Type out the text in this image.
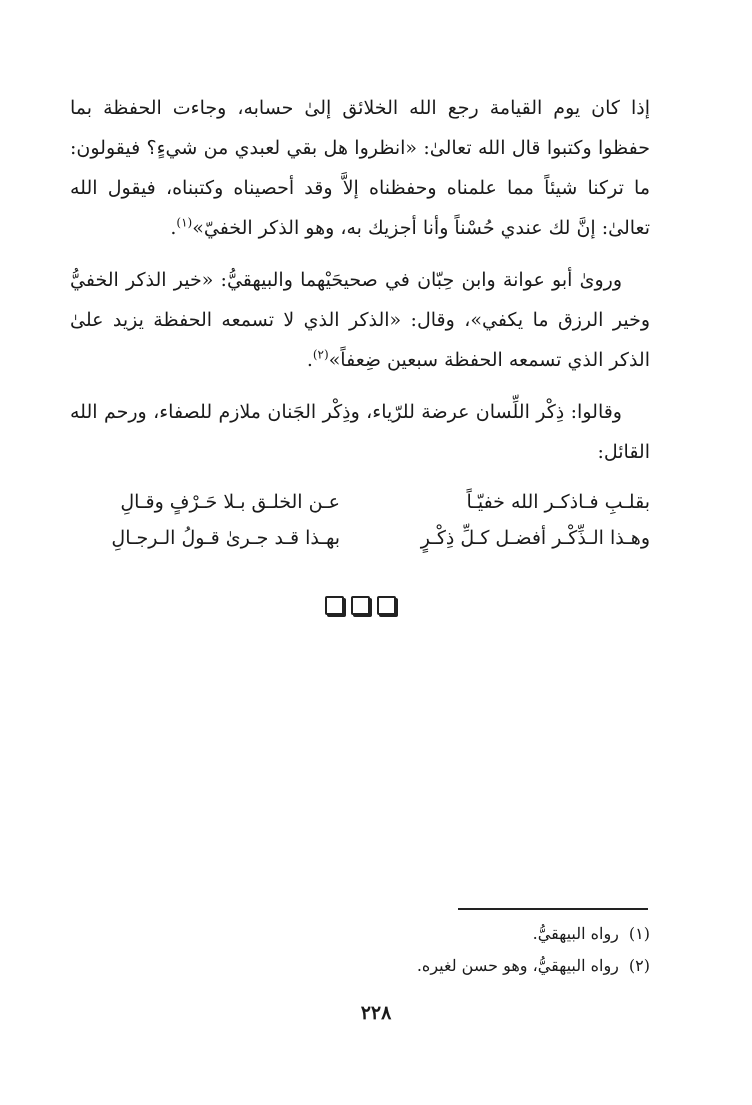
إذا كان يوم القيامة رجع الله الخلائق إلىٰ حسابه، وجاءت الحفظة بما حفظوا وكتبوا قال الله تعالىٰ: «انظروا هل بقي لعبدي من شيءٍ؟ فيقولون: ما تركنا شيئاً مما علمناه وحفظناه إلاَّ وقد أحصيناه وكتبناه، فيقول الله تعالىٰ: إنَّ لك عندي حُسْناً وأنا أجزيك به، وهو الذكر الخفيّ»$^{(١)}$.

وروىٰ أبو عوانة وابن حِبّان في صحيحَيْهما والبيهقيُّ: «خير الذكر الخفيُّ وخير الرزق ما يكفي»، وقال: «الذكر الذي لا تسمعه الحفظة يزيد علىٰ الذكر الذي تسمعه الحفظة سبعين ضِعفاً»$^{(٢)}$.

وقالوا: ذِكْر اللِّسان عرضة للرّياء، وذِكْر الجَنان ملازم للصفاء، ورحم الله القائل:

بقلـبِ فـاذكـر الله خفيّـاً
عـن الخلـق بـلا حَـرْفٍ وقـالِ
وهـذا الـذِّكْـر أفضـل كـلِّ ذِكْـرٍ
بهـذا قـد جـرىٰ قـولُ الـرجـالِ
(١)رواه البيهقيُّ.
(٢)رواه البيهقيُّ، وهو حسن لغيره.
٢٢٨
